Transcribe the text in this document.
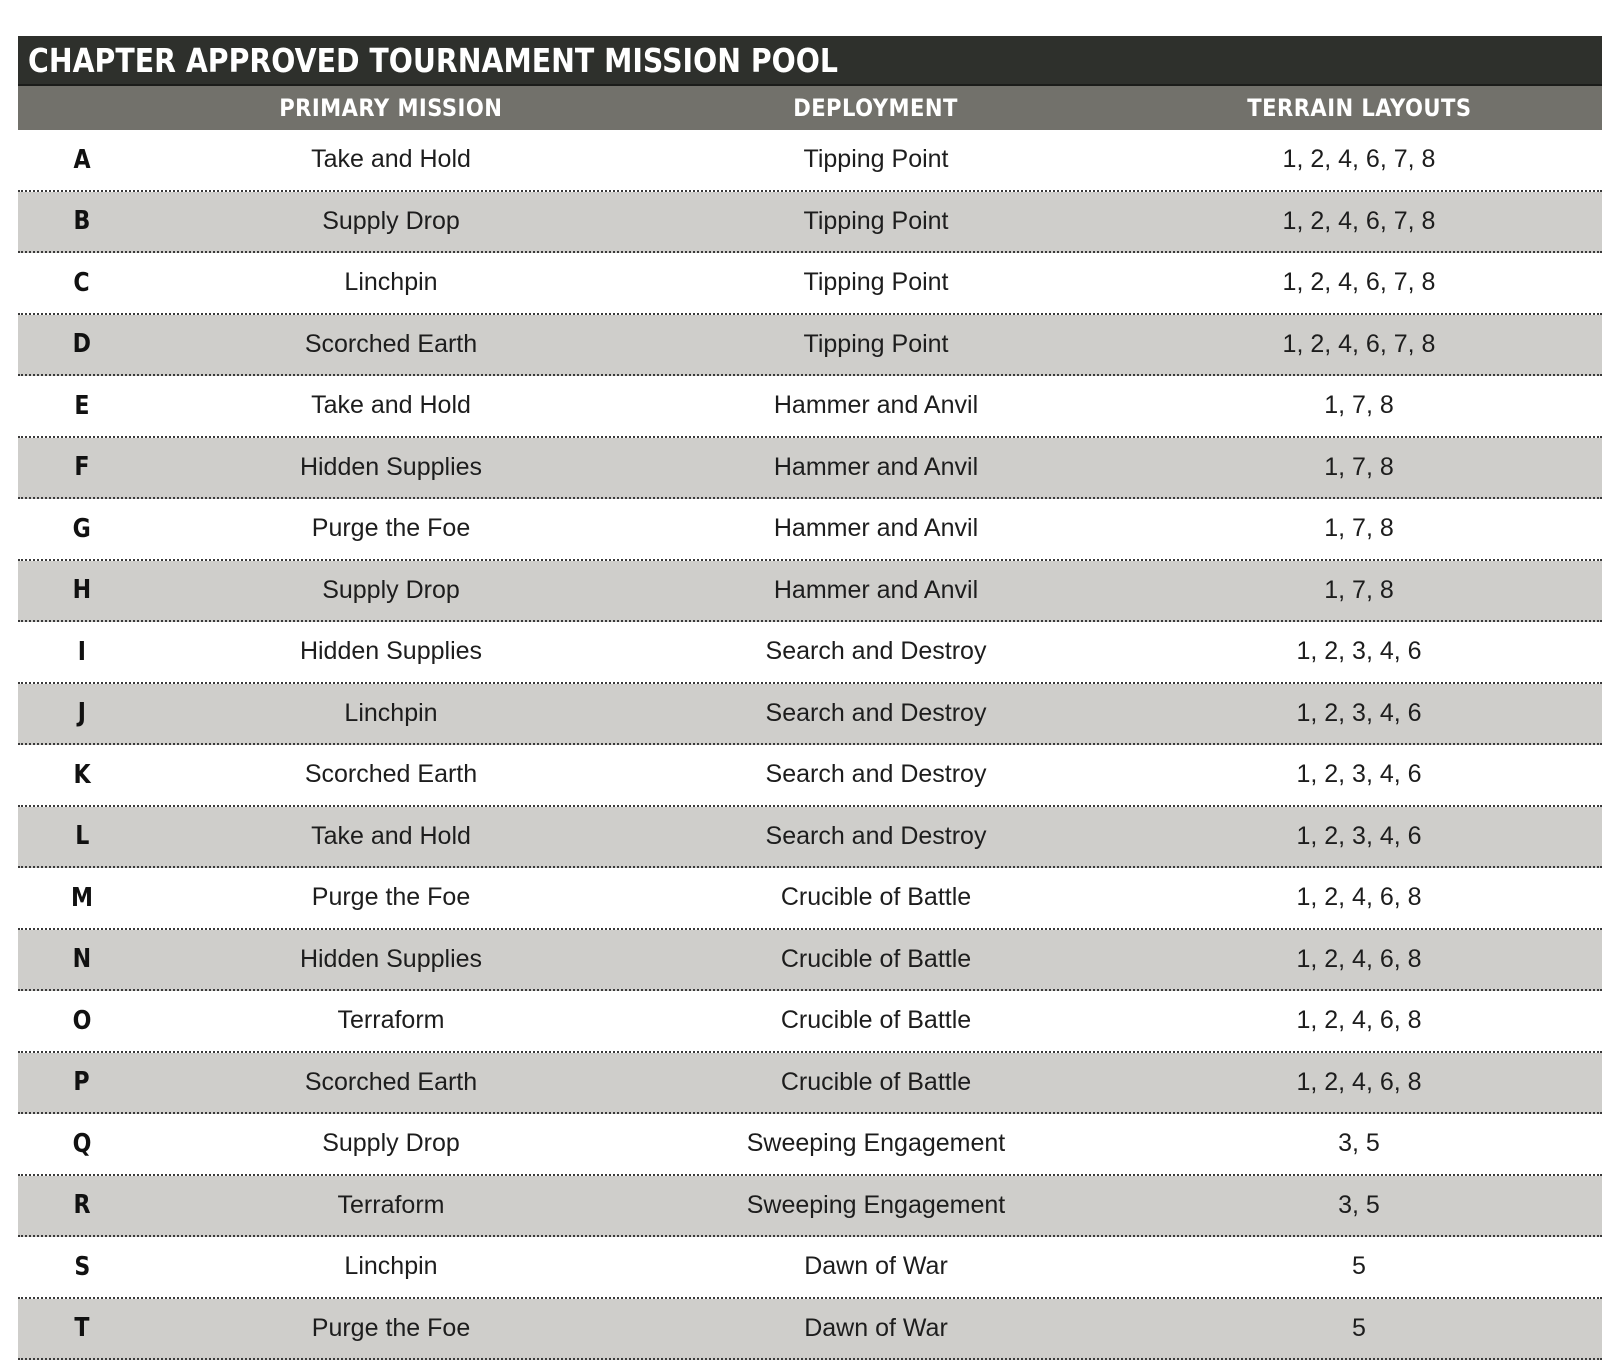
CHAPTER APPROVED TOURNAMENT MISSION POOL
PRIMARY MISSION	DEPLOYMENT	TERRAIN LAYOUTS
A	Take and Hold	Tipping Point	1, 2, 4, 6, 7, 8
B	Supply Drop	Tipping Point	1, 2, 4, 6, 7, 8
C	Linchpin	Tipping Point	1, 2, 4, 6, 7, 8
D	Scorched Earth	Tipping Point	1, 2, 4, 6, 7, 8
E	Take and Hold	Hammer and Anvil	1, 7, 8
F	Hidden Supplies	Hammer and Anvil	1, 7, 8
G	Purge the Foe	Hammer and Anvil	1, 7, 8
H	Supply Drop	Hammer and Anvil	1, 7, 8
I	Hidden Supplies	Search and Destroy	1, 2, 3, 4, 6
J	Linchpin	Search and Destroy	1, 2, 3, 4, 6
K	Scorched Earth	Search and Destroy	1, 2, 3, 4, 6
L	Take and Hold	Search and Destroy	1, 2, 3, 4, 6
M	Purge the Foe	Crucible of Battle	1, 2, 4, 6, 8
N	Hidden Supplies	Crucible of Battle	1, 2, 4, 6, 8
O	Terraform	Crucible of Battle	1, 2, 4, 6, 8
P	Scorched Earth	Crucible of Battle	1, 2, 4, 6, 8
Q	Supply Drop	Sweeping Engagement	3, 5
R	Terraform	Sweeping Engagement	3, 5
S	Linchpin	Dawn of War	5
T	Purge the Foe	Dawn of War	5
